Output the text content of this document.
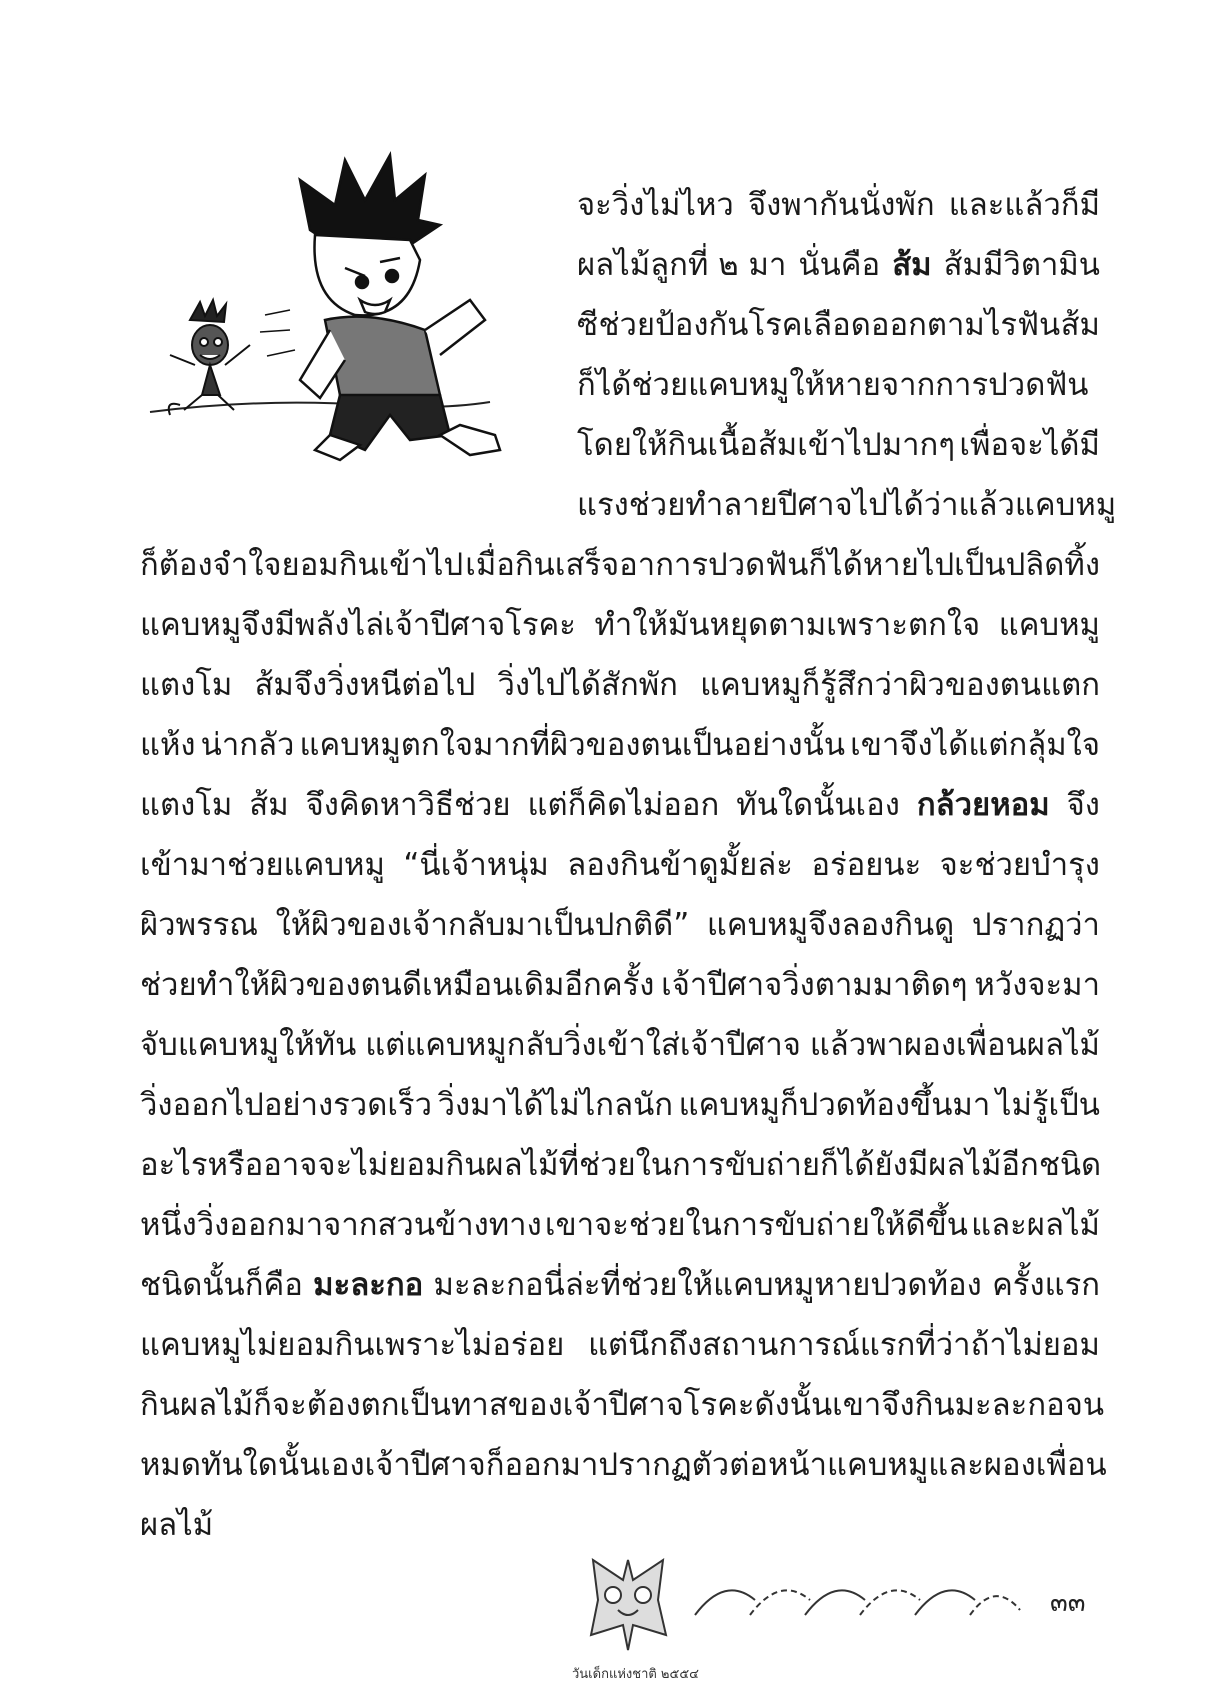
จะวิ่งไม่ไหว จึงพากันนั่งพัก และแล้วก็มี
ผลไม้ลูกที่ ๒ มา นั่นคือ ส้ม ส้มมีวิตามิน
ซี ช่วยป้องกันโรคเลือดออกตามไรฟัน ส้ม
ก็ได้ช่วยแคบหมูให้หายจากการปวดฟัน
โดยให้กินเนื้อส้มเข้าไปมากๆ เพื่อจะได้มี
แรงช่วยทำลายปีศาจไปได้ ว่าแล้วแคบหมู
ก็ต้องจำใจยอมกินเข้าไป เมื่อกินเสร็จอาการปวดฟันก็ได้หายไปเป็นปลิดทิ้ง
แคบหมูจึงมีพลังไล่เจ้าปีศาจโรคะ ทำให้มันหยุดตามเพราะตกใจ แคบหมู
แตงโม ส้มจึงวิ่งหนีต่อไป วิ่งไปได้สักพัก แคบหมูก็รู้สึกว่าผิวของตนแตก
แห้ง น่ากลัว แคบหมูตกใจมากที่ผิวของตนเป็นอย่างนั้น เขาจึงได้แต่กลุ้มใจ
แตงโม ส้ม จึงคิดหาวิธีช่วย แต่ก็คิดไม่ออก ทันใดนั้นเอง กล้วยหอม จึง
เข้ามาช่วยแคบหมู “นี่เจ้าหนุ่ม ลองกินข้าดูมั้ยล่ะ อร่อยนะ จะช่วยบำรุง
ผิวพรรณ ให้ผิวของเจ้ากลับมาเป็นปกติดี” แคบหมูจึงลองกินดู ปรากฏว่า
ช่วยทำให้ผิวของตนดีเหมือนเดิมอีกครั้ง เจ้าปีศาจวิ่งตามมาติดๆ หวังจะมา
จับแคบหมูให้ทัน แต่แคบหมูกลับวิ่งเข้าใส่เจ้าปีศาจ แล้วพาผองเพื่อนผลไม้
วิ่งออกไปอย่างรวดเร็ว วิ่งมาได้ไม่ไกลนัก แคบหมูก็ปวดท้องขึ้นมา ไม่รู้เป็น
อะไร หรืออาจจะไม่ยอมกินผลไม้ที่ช่วยในการขับถ่ายก็ได้ ยังมีผลไม้อีกชนิด
หนึ่งวิ่งออกมาจากสวนข้างทาง เขาจะช่วยในการขับถ่ายให้ดีขึ้น และผลไม้
ชนิดนั้นก็คือ มะละกอ มะละกอนี่ล่ะที่ช่วยให้แคบหมูหายปวดท้อง ครั้งแรก
แคบหมูไม่ยอมกินเพราะไม่อร่อย แต่นึกถึงสถานการณ์แรกที่ว่าถ้าไม่ยอม
กินผลไม้ ก็จะต้องตกเป็นทาสของเจ้าปีศาจโรคะ ดังนั้นเขาจึงกินมะละกอจน
หมด ทันใดนั้นเองเจ้าปีศาจก็ออกมาปรากฏตัวต่อหน้าแคบหมูและผองเพื่อน
ผลไม้
วันเด็กแห่งชาติ ๒๕๕๔
๓๓
